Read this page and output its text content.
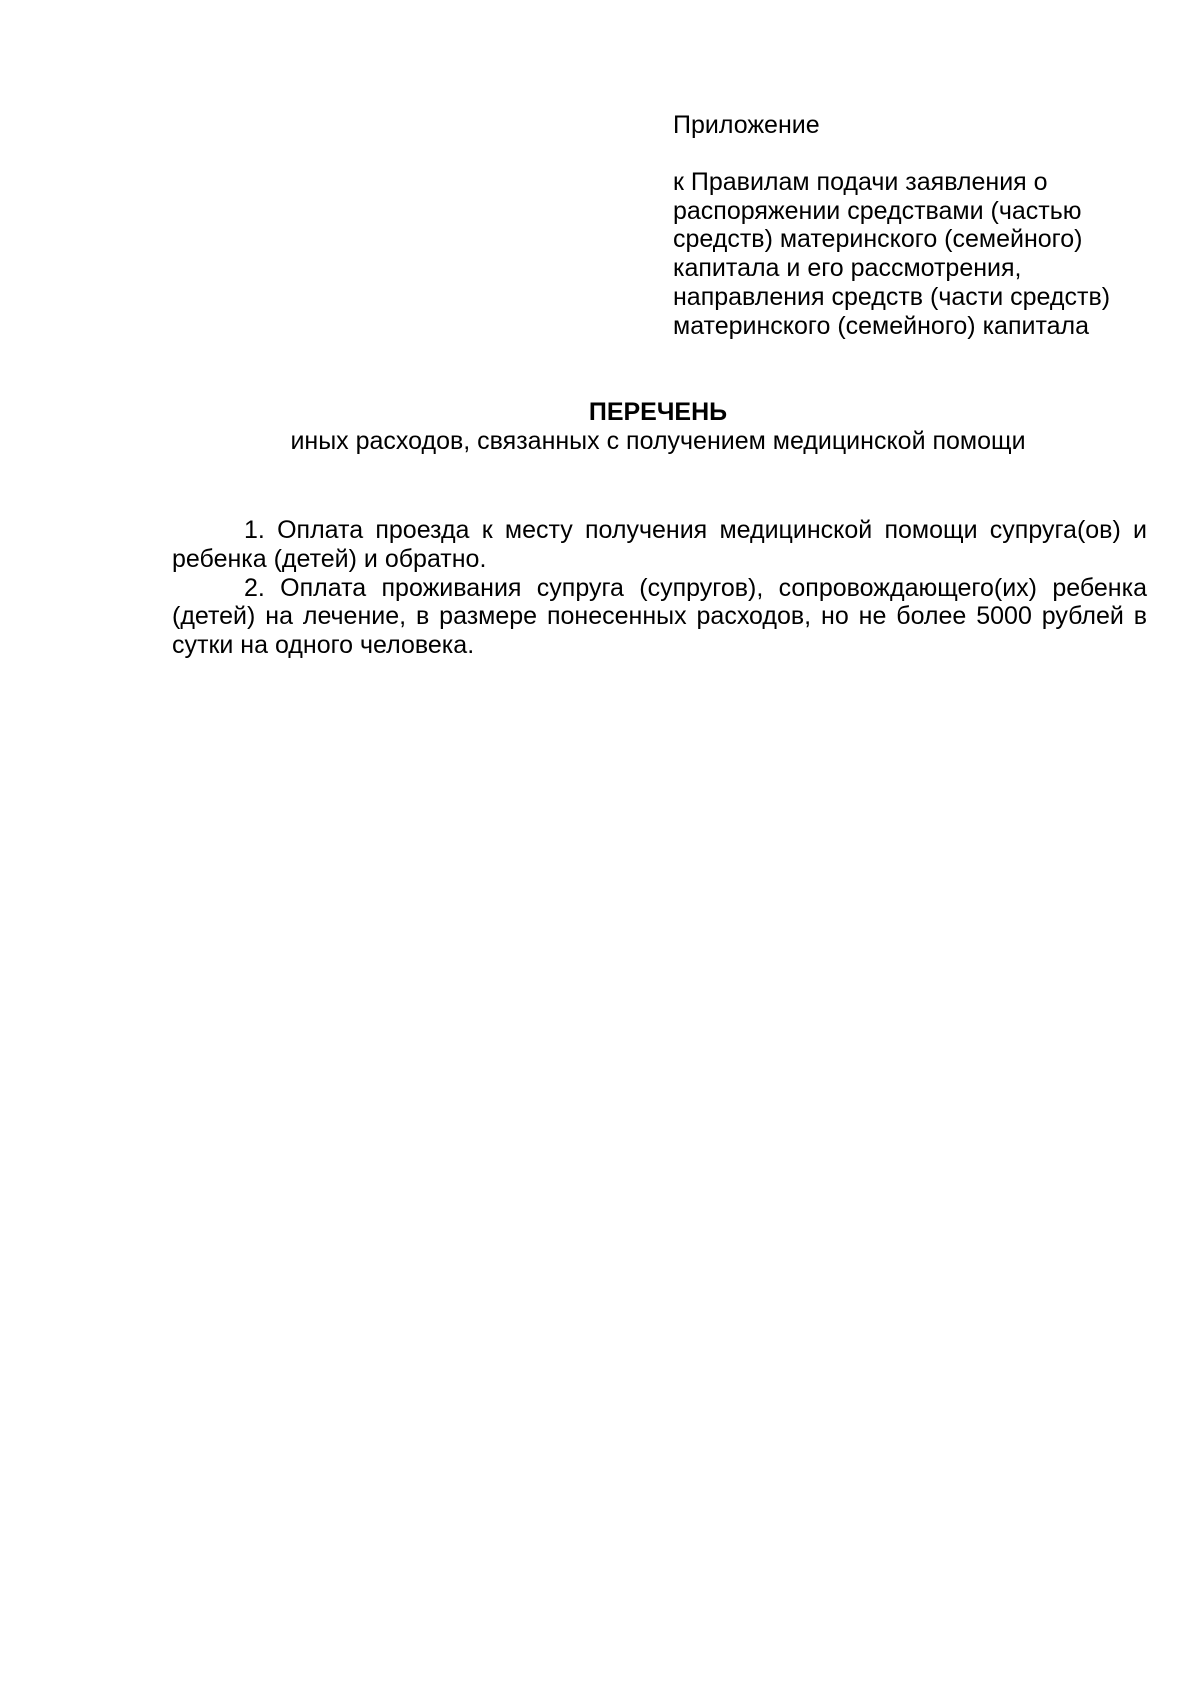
Приложение

к Правилам подачи заявления о распоряжении средствами (частью средств) материнского (семейного) капитала и его рассмотрения, направления средств (части средств) материнского (семейного) капитала

ПЕРЕЧЕНЬ

иных расходов, связанных с получением медицинской помощи

1. Оплата проезда к месту получения медицинской помощи супруга(ов) и ребенка (детей) и обратно.

2. Оплата проживания супруга (супругов), сопровождающего(их) ребенка (детей) на лечение, в размере понесенных расходов, но не более 5000 рублей в сутки на одного человека.
